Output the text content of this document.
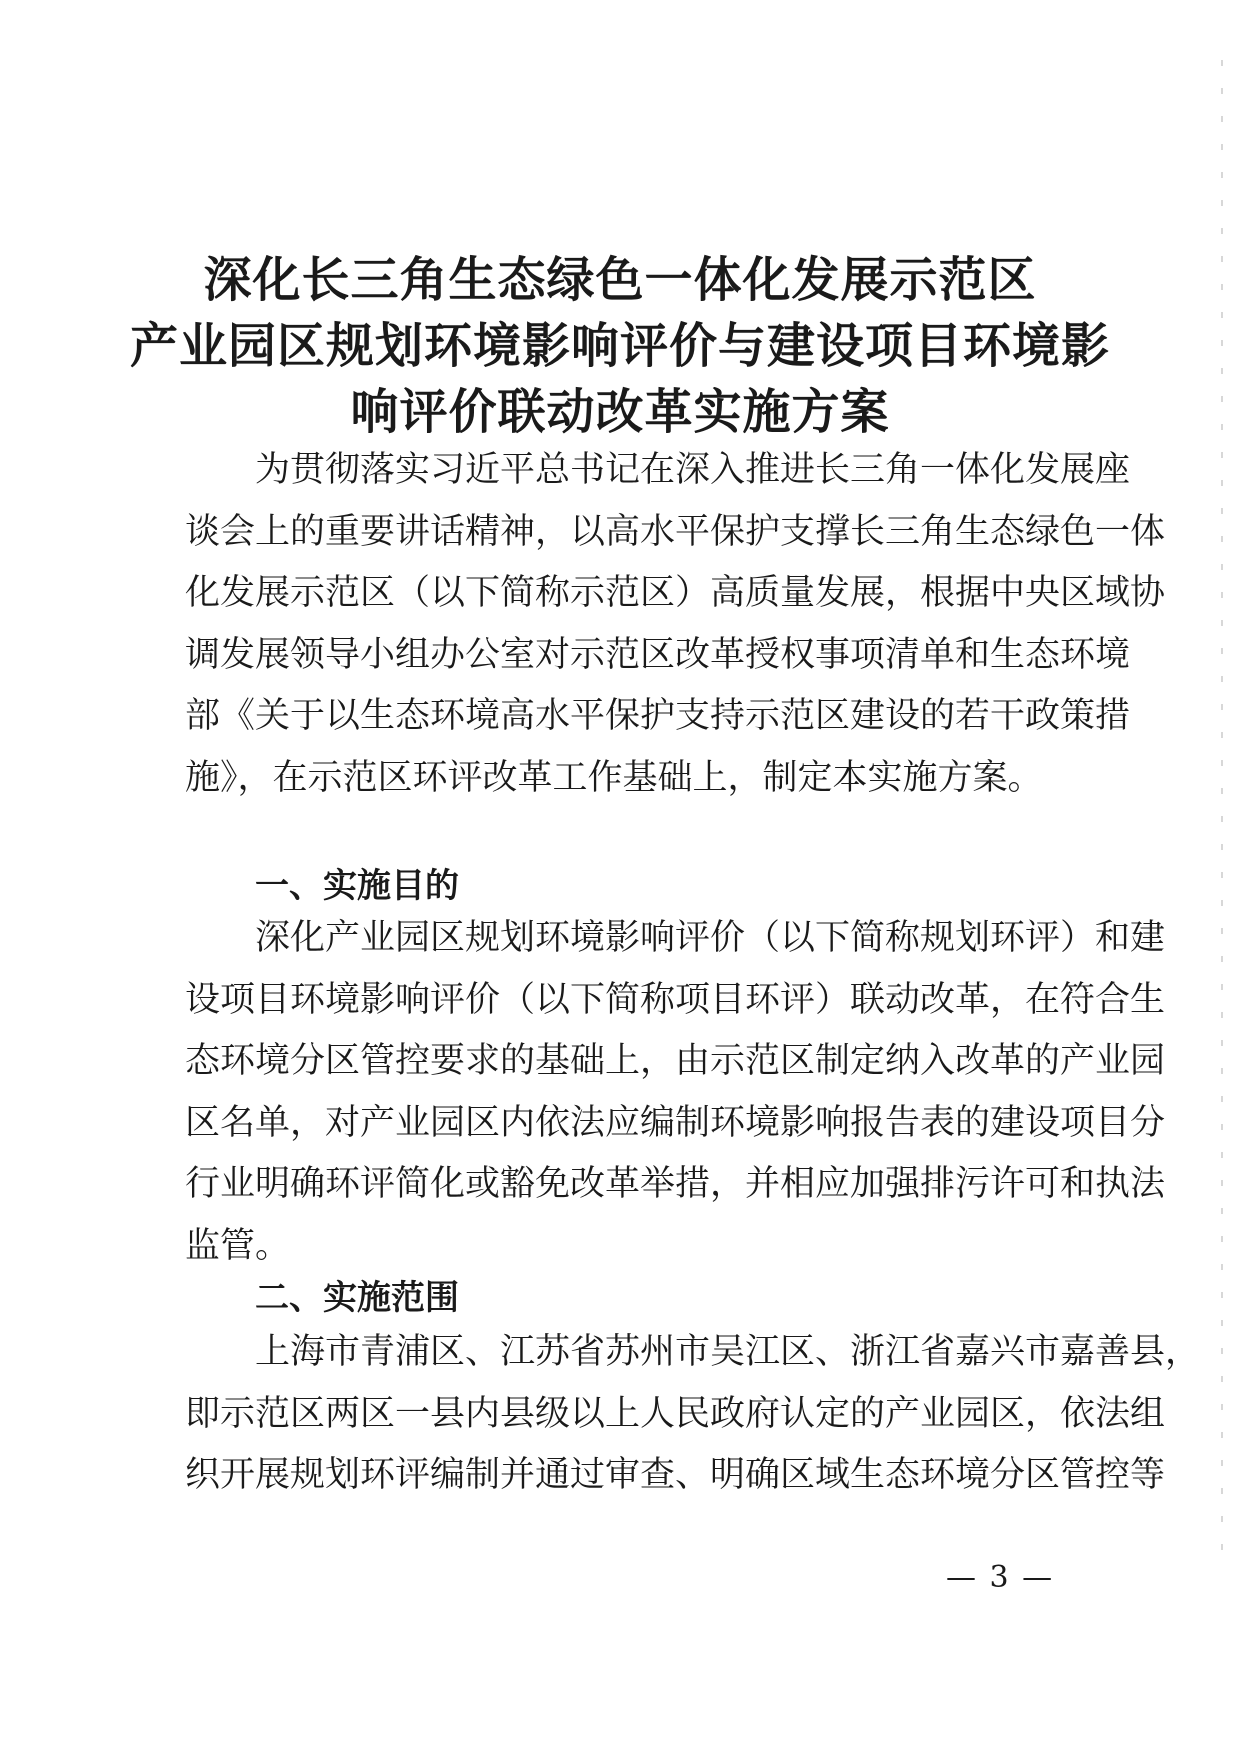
深化长三角生态绿色一体化发展示范区
产业园区规划环境影响评价与建设项目环境影
响评价联动改革实施方案

为贯彻落实习近平总书记在深入推进长三角一体化发展座
谈会上的重要讲话精神，以高水平保护支撑长三角生态绿色一体
化发展示范区（以下简称示范区）高质量发展，根据中央区域协
调发展领导小组办公室对示范区改革授权事项清单和生态环境
部《关于以生态环境高水平保护支持示范区建设的若干政策措
施》，在示范区环评改革工作基础上，制定本实施方案。

一、实施目的

深化产业园区规划环境影响评价（以下简称规划环评）和建
设项目环境影响评价（以下简称项目环评）联动改革，在符合生
态环境分区管控要求的基础上，由示范区制定纳入改革的产业园
区名单，对产业园区内依法应编制环境影响报告表的建设项目分
行业明确环评简化或豁免改革举措，并相应加强排污许可和执法
监管。

二、实施范围

上海市青浦区、江苏省苏州市吴江区、浙江省嘉兴市嘉善县，
即示范区两区一县内县级以上人民政府认定的产业园区，依法组
织开展规划环评编制并通过审查、明确区域生态环境分区管控等

— 3 —
